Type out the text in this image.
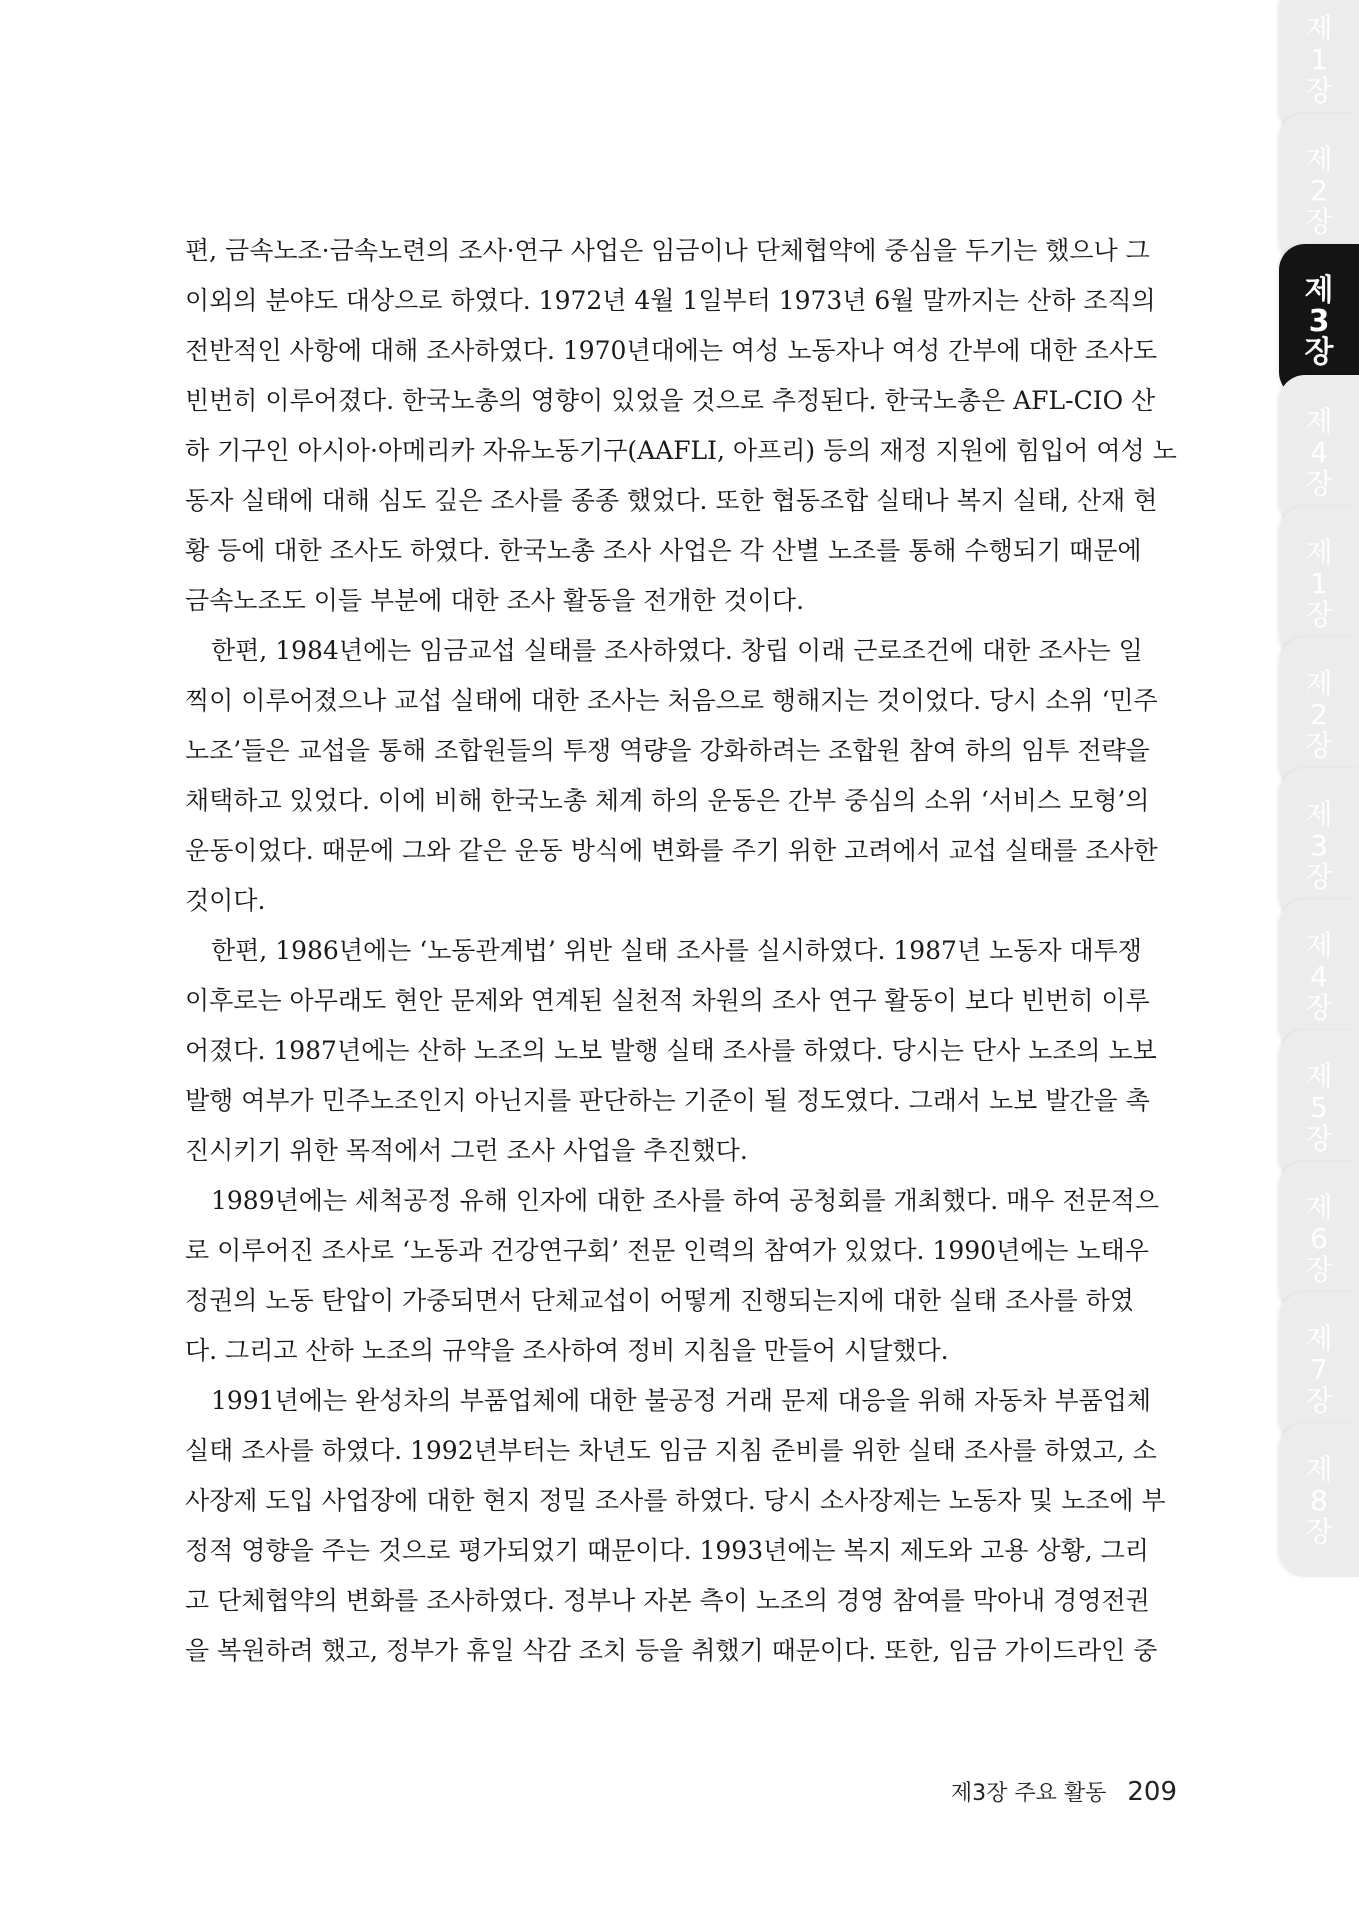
제
1
장
제
2
장
제
3
장
제
4
장
제
1
장
제
2
장
제
3
장
제
4
장
제
5
장
제
6
장
제
7
장
제
8
장

편, 금속노조·금속노련의 조사·연구 사업은 임금이나 단체협약에 중심을 두기는 했으나 그

이외의 분야도 대상으로 하였다. 1972년 4월 1일부터 1973년 6월 말까지는 산하 조직의

전반적인 사항에 대해 조사하였다. 1970년대에는 여성 노동자나 여성 간부에 대한 조사도

빈번히 이루어졌다. 한국노총의 영향이 있었을 것으로 추정된다. 한국노총은 AFL-CIO 산

하 기구인 아시아·아메리카 자유노동기구(AAFLI, 아프리) 등의 재정 지원에 힘입어 여성 노

동자 실태에 대해 심도 깊은 조사를 종종 했었다. 또한 협동조합 실태나 복지 실태, 산재 현

황 등에 대한 조사도 하였다. 한국노총 조사 사업은 각 산별 노조를 통해 수행되기 때문에

금속노조도 이들 부분에 대한 조사 활동을 전개한 것이다.

한편, 1984년에는 임금교섭 실태를 조사하였다. 창립 이래 근로조건에 대한 조사는 일

찍이 이루어졌으나 교섭 실태에 대한 조사는 처음으로 행해지는 것이었다. 당시 소위 ‘민주

노조’들은 교섭을 통해 조합원들의 투쟁 역량을 강화하려는 조합원 참여 하의 임투 전략을

채택하고 있었다. 이에 비해 한국노총 체계 하의 운동은 간부 중심의 소위 ‘서비스 모형’의

운동이었다. 때문에 그와 같은 운동 방식에 변화를 주기 위한 고려에서 교섭 실태를 조사한

것이다.

한편, 1986년에는 ‘노동관계법’ 위반 실태 조사를 실시하였다. 1987년 노동자 대투쟁

이후로는 아무래도 현안 문제와 연계된 실천적 차원의 조사 연구 활동이 보다 빈번히 이루

어졌다. 1987년에는 산하 노조의 노보 발행 실태 조사를 하였다. 당시는 단사 노조의 노보

발행 여부가 민주노조인지 아닌지를 판단하는 기준이 될 정도였다. 그래서 노보 발간을 촉

진시키기 위한 목적에서 그런 조사 사업을 추진했다.

1989년에는 세척공정 유해 인자에 대한 조사를 하여 공청회를 개최했다. 매우 전문적으

로 이루어진 조사로 ‘노동과 건강연구회’ 전문 인력의 참여가 있었다. 1990년에는 노태우

정권의 노동 탄압이 가중되면서 단체교섭이 어떻게 진행되는지에 대한 실태 조사를 하였

다. 그리고 산하 노조의 규약을 조사하여 정비 지침을 만들어 시달했다.

1991년에는 완성차의 부품업체에 대한 불공정 거래 문제 대응을 위해 자동차 부품업체

실태 조사를 하였다. 1992년부터는 차년도 임금 지침 준비를 위한 실태 조사를 하였고, 소

사장제 도입 사업장에 대한 현지 정밀 조사를 하였다. 당시 소사장제는 노동자 및 노조에 부

정적 영향을 주는 것으로 평가되었기 때문이다. 1993년에는 복지 제도와 고용 상황, 그리

고 단체협약의 변화를 조사하였다. 정부나 자본 측이 노조의 경영 참여를 막아내 경영전권

을 복원하려 했고, 정부가 휴일 삭감 조치 등을 취했기 때문이다. 또한, 임금 가이드라인 중

제3장 주요 활동 209
